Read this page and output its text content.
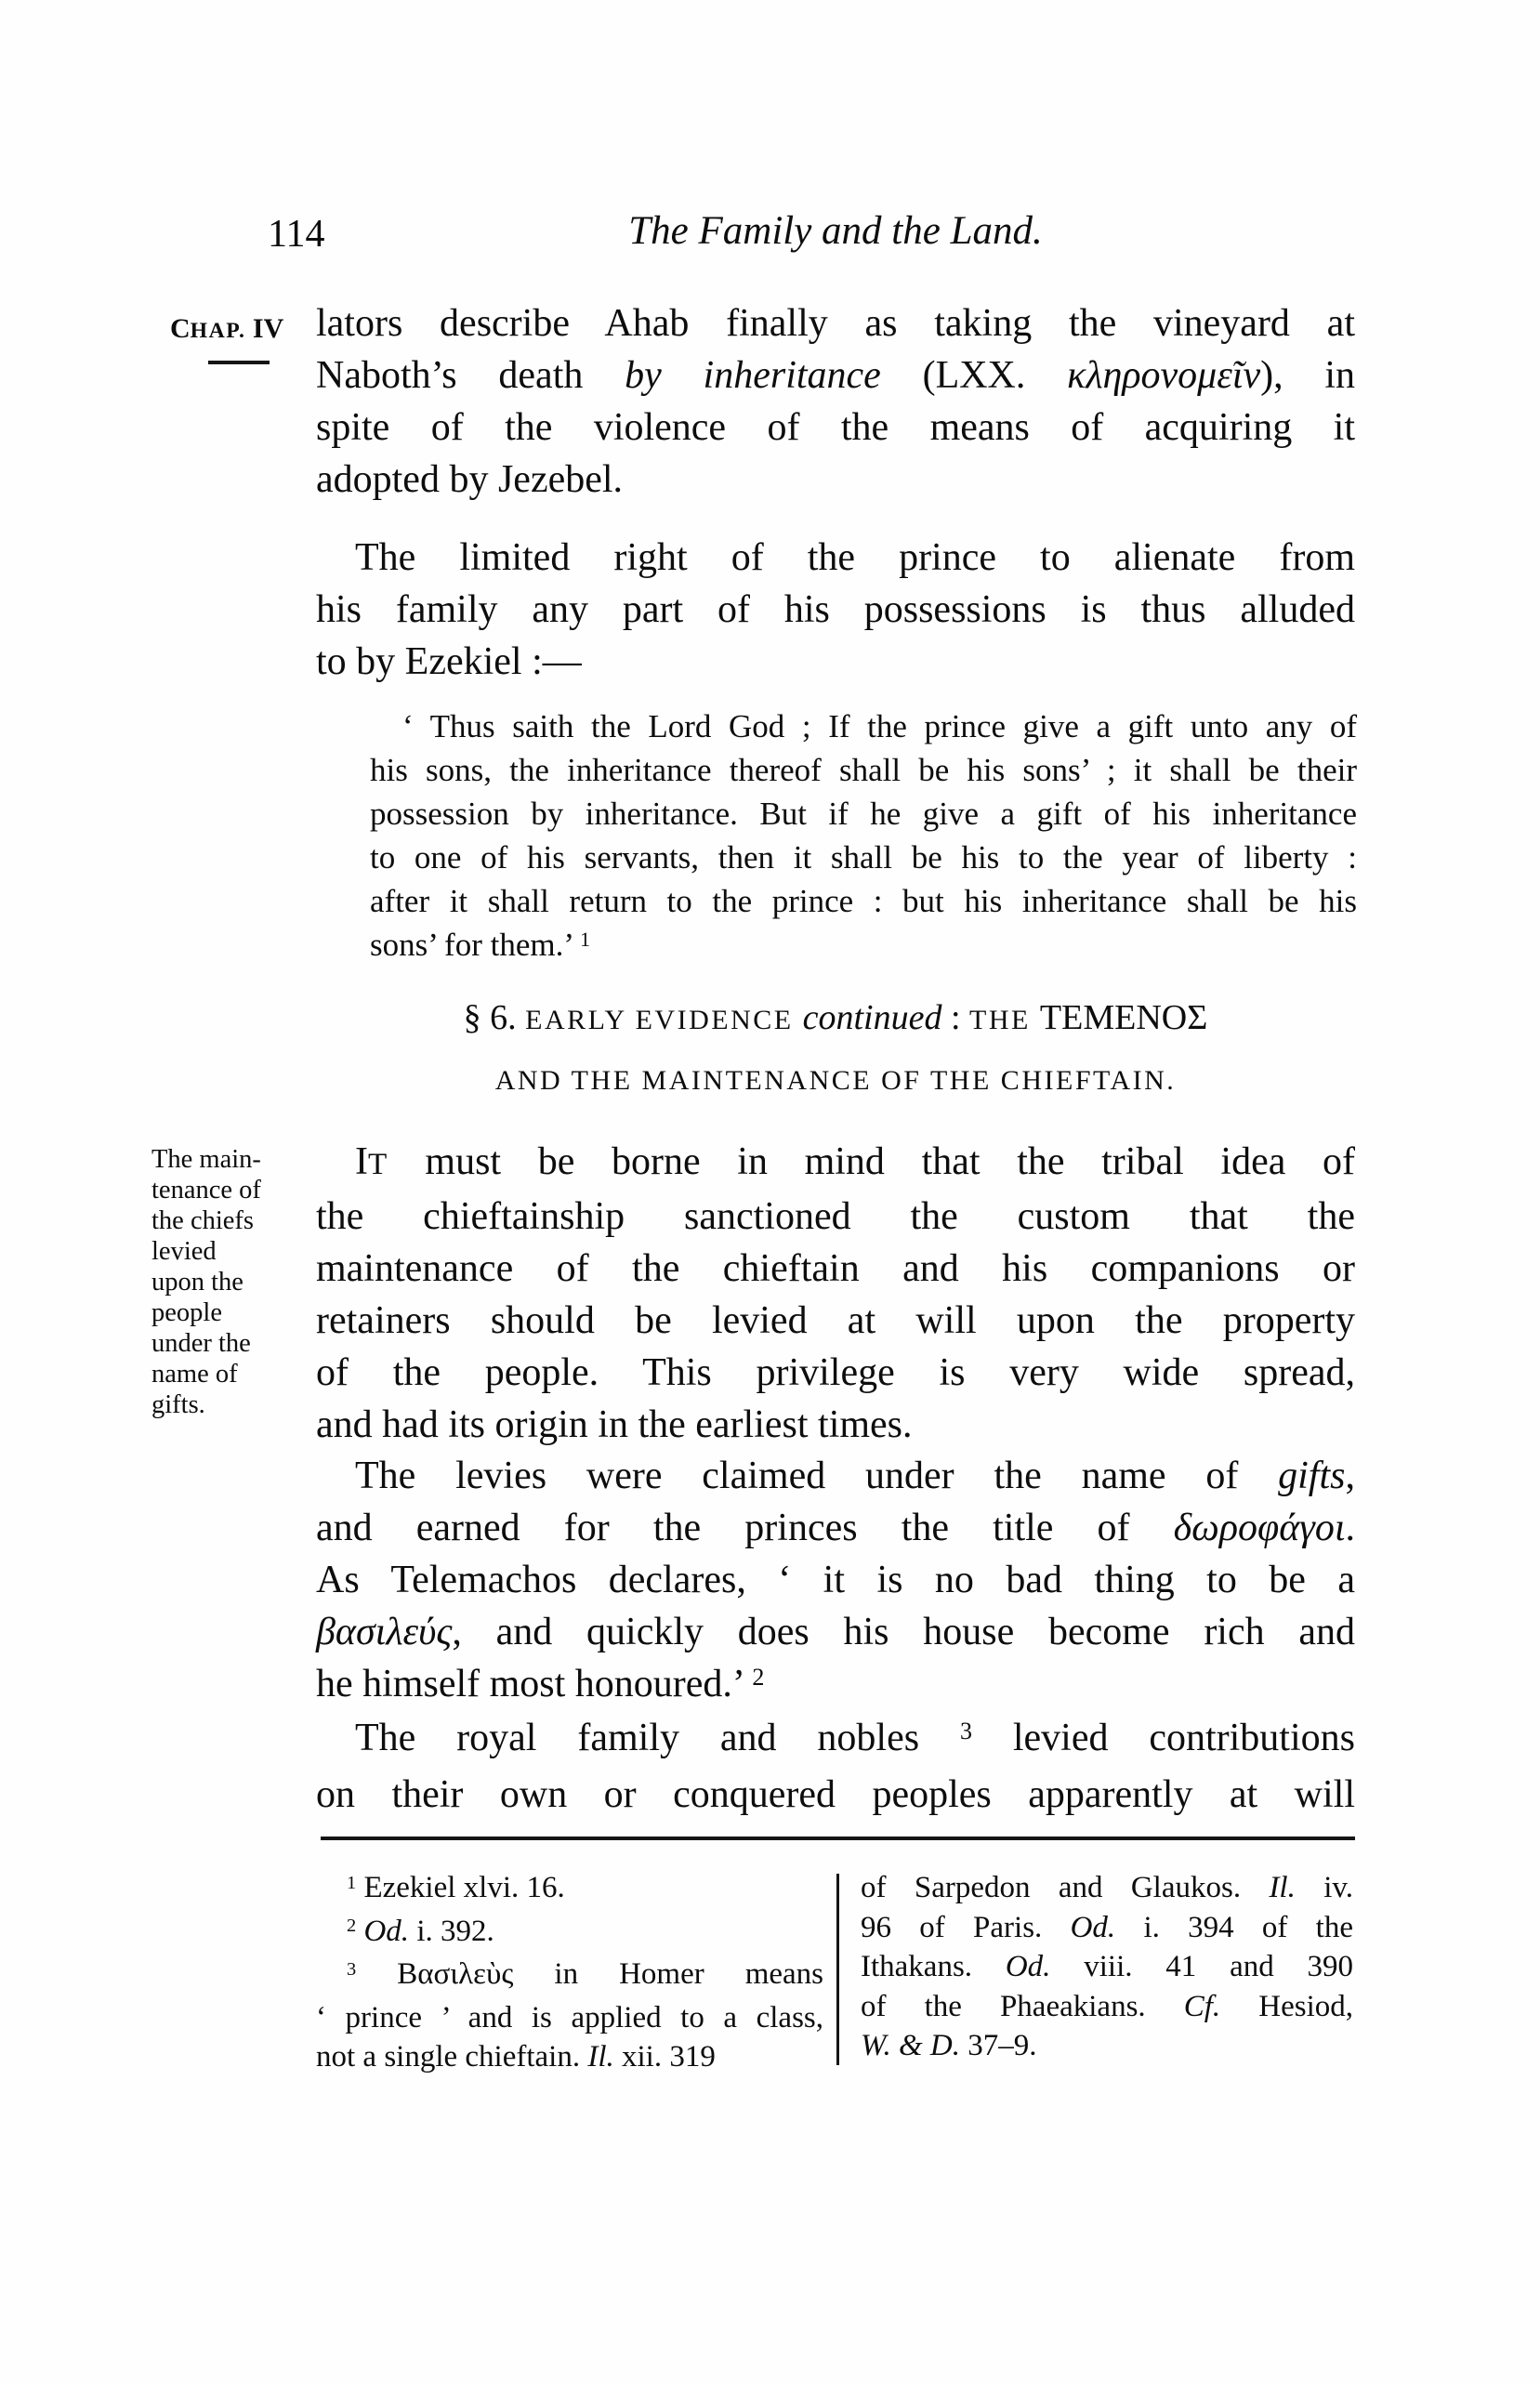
114	The Family and the Land.
CHAP. IV
The main-
tenance of
the chiefs
levied
upon the
people
under the
name of
gifts.
lators describe Ahab finally as taking the vineyard at
Naboth’s death by inheritance (LXX. κληρονομεῖν), in
spite of the violence of the means of acquiring it
adopted by Jezebel.
The limited right of the prince to alienate from
his family any part of his possessions is thus alluded
to by Ezekiel :—
‘ Thus saith the Lord God ; If the prince give a gift unto any of
his sons, the inheritance thereof shall be his sons’ ; it shall be their
possession by inheritance. But if he give a gift of his inheritance
to one of his servants, then it shall be his to the year of liberty :
after it shall return to the prince : but his inheritance shall be his
sons’ for them.’ $^1$
§ 6. EARLY EVIDENCE continued : THE ΤΕΜΕΝΟΣ
AND THE MAINTENANCE OF THE CHIEFTAIN.
IT must be borne in mind that the tribal idea of
the chieftainship sanctioned the custom that the
maintenance of the chieftain and his companions or
retainers should be levied at will upon the property
of the people. This privilege is very wide spread,
and had its origin in the earliest times.
The levies were claimed under the name of gifts,
and earned for the princes the title of δωροφάγοι.
As Telemachos declares, ‘ it is no bad thing to be a
βασιλεύς, and quickly does his house become rich and
he himself most honoured.’ $^2$
The royal family and nobles $^3$ levied contributions
on their own or conquered peoples apparently at will
$^1$ Ezekiel xlvi. 16.
$^2$ Od. i. 392.
$^3$ Βασιλεὺς in Homer means
‘ prince ’ and is applied to a class,
not a single chieftain. Il. xii. 319
of Sarpedon and Glaukos. Il. iv.
96 of Paris. Od. i. 394 of the
Ithakans. Od. viii. 41 and 390
of the Phaeakians. Cf. Hesiod,
W. & D. 37–9.
